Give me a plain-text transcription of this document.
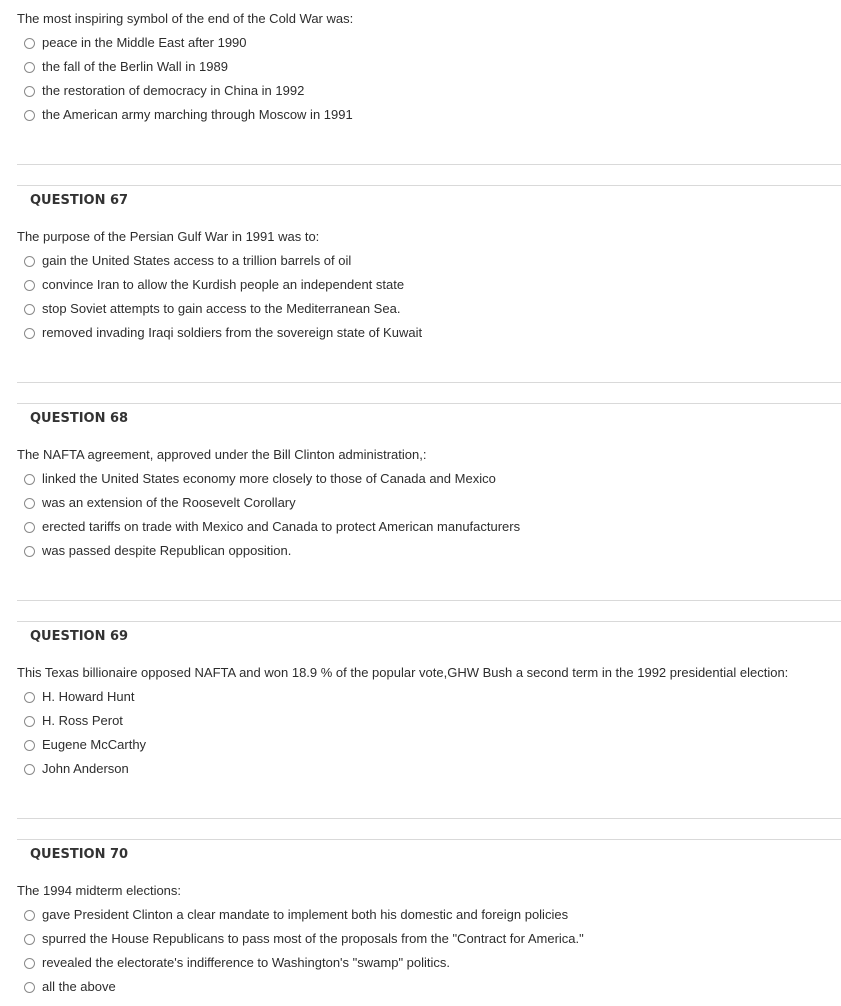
The most inspiring symbol of the end of the Cold War was:
peace in the Middle East after 1990
the fall of the Berlin Wall in 1989
the restoration of democracy in China in 1992
the American army marching through Moscow in 1991
QUESTION 67
The purpose of the Persian Gulf War in 1991 was to:
gain the United States access to a trillion barrels of oil
convince Iran to allow the Kurdish people an independent state
stop Soviet attempts to gain access to the Mediterranean Sea.
removed invading Iraqi soldiers from the sovereign state of Kuwait
QUESTION 68
The NAFTA agreement, approved under the Bill Clinton administration,:
linked the United States economy more closely to those of Canada and Mexico
was an extension of the Roosevelt Corollary
erected tariffs on trade with Mexico and Canada to protect American manufacturers
was passed despite Republican opposition.
QUESTION 69
This Texas billionaire opposed NAFTA and won 18.9 % of the popular vote,GHW Bush a second term in the 1992 presidential election:
H. Howard Hunt
H. Ross Perot
Eugene McCarthy
John Anderson
QUESTION 70
The 1994 midterm elections:
gave President Clinton a clear mandate to implement both his domestic and foreign policies
spurred the House Republicans to pass most of the proposals from the "Contract for America."
revealed the electorate's indifference to Washington's "swamp" politics.
all the above
